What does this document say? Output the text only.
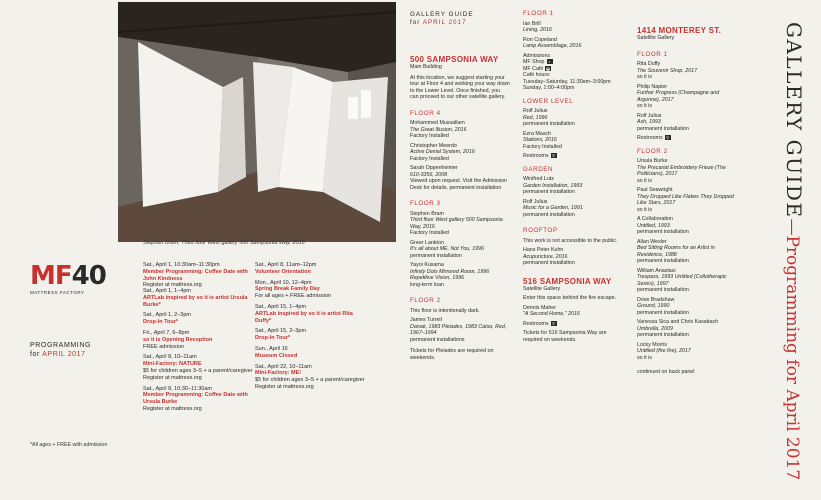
Stephen Bram, Third floor West gallery 500 Sampsonia Way, 2016
MF40
MATTRESS FACTORY
PROGRAMMING
for APRIL 2017
*All ages + FREE with admission
Sat., April 1, 10:30am–11:30pm
Member Programming: Coffee Date with John Kindness
Register at mattress.org
Sat., April 1, 1–4pm
ARTLab inspired by so it is artist Ursula Burke*
Sat., April 1, 2–3pm
Drop-In Tour*
Fri., April 7, 6–8pm
so it is Opening Reception
FREE admission
Sat., April 8, 10–11am
Mini-Factory: NATURE
$5 for children ages 3–5 + a parent/caregiver Register at mattress.org
Sat., April 8, 10:30–11:30am
Member Programming: Coffee Date with Ursula Burke
Register at mattress.org
Sat., April 8, 11am–12pm
Volunteer Orientation
Mon., April 10, 12–4pm
Spring Break Family Day
For all ages + FREE admission
Sat., April 15, 1–4pm
ARTLab inspired by so it is artist Rita Duffy*
Sat., April 15, 2–3pm
Drop-In Tour*
Sun., April 16
Museum Closed
Sat., April 22, 10–11am
Mini-Factory: ME!
$5 for children ages 3–5 + a parent/caregiver Register at mattress.org
GALLERY GUIDE
for APRIL 2017
500 SAMPSONIA WAY
Main Building
At this location, we suggest starting your tour at Floor 4 and working your way down to the Lower Level. Once finished, you can proceed to our other satellite gallery.
FLOOR 4
Mohammed Mussallam
The Great Illusion, 2016
Factory Installed
Christopher Meerdo
Active Denial System, 2016
Factory Installed
Sarah Oppenheimer
610-3356, 2008
Viewed upon request. Visit the Admission Desk for details. permanent installation
FLOOR 3
Stephen Bram
Third floor West gallery 500 Sampsonia Way, 2016
Factory Installed
Greer Lankton
It's all about ME, Not You, 1996
permanent installation
Yayoi Kusama
Infinity Dots Mirrored Room, 1996 Repetitive Vision, 1996
long-term loan
FLOOR 2
This floor is intentionally dark.
James Turrell
Danaë, 1983 Pleiades, 1983 Catso, Red, 1967–1994
permanent installations
Tickets for Pleiades are required on weekends.
FLOOR 1
Ian Brill
Lining, 2016
Ron Copeland
Lamp Assemblage, 2016
Admissions
MF Shop ▪
MF Café ☕
Café hours:
Tuesday–Saturday, 11:30am–3:00pm
Sunday, 1:00–4:00pm
LOWER LEVEL
Rolf Julius
Red, 1996
permanent installation
Ezra Masch
Stations, 2016
Factory Installed
Restrooms ⚲
GARDEN
Winifred Lutz
Garden Installation, 1993
permanent installation
Rolf Julius
Music for a Garden, 1991
permanent installation
ROOFTOP
This work is not accessible to the public.
Hans Peter Kuhn
Acupuncture, 2016
permanent installation
516 SAMPSONIA WAY
Satellite Gallery
Enter this space behind the fire escape.
Dennis Maher
"A Second Home," 2016
Restrooms ⚲
Tickets for 516 Sampsonia Way are required on weekends.
1414 MONTEREY ST.
Satellite Gallery
FLOOR 1
Rita Duffy
The Souvenir Shop, 2017
so it is
Philip Napier
Further Progress (Champagne and Argonne), 2017
so it is
Rolf Julius
Ash, 1993
permanent installation
Restrooms ⚲
FLOOR 2
Ursula Burke
The Precariat Embroidery Frieze (The Politicians), 2017
so it is
Paul Seawright
They Dropped Like Flakes They Dropped Like Stars, 2017
so it is
A Collaboration
Untitled, 1993
permanent installation
Allan Wexler
Bed Sitting Rooms for an Artist in Residence, 1988
permanent installation
William Anastasi
Trespass, 1993 Untitled (Collotherapic Series), 1997
permanent installation
Dove Bradshaw
Ground, 1990
permanent installation
Vanessa Sica and Chris Kasabach
Umbrella, 2009
permanent installation
Locky Morris
Untitled (fire fire), 2017
so it is
continued on back panel
GALLERY GUIDE—Programming for April 2017
